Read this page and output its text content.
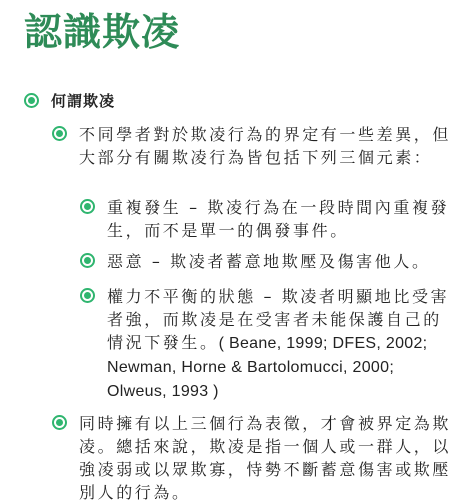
認識欺凌
何謂欺凌
不同學者對於欺凌行為的界定有一些差異，但大部分有關欺凌行為皆包括下列三個元素：
重複發生 – 欺凌行為在一段時間內重複發生，而不是單一的偶發事件。
惡意 – 欺凌者蓄意地欺壓及傷害他人。
權力不平衡的狀態 – 欺凌者明顯地比受害者強，而欺凌是在受害者未能保護自己的情況下發生。( Beane, 1999; DFES, 2002; Newman, Horne & Bartolomucci, 2000; Olweus, 1993 )
同時擁有以上三個行為表徵，才會被界定為欺凌。總括來說，欺凌是指一個人或一群人，以強凌弱或以眾欺寡，恃勢不斷蓄意傷害或欺壓別人的行為。
